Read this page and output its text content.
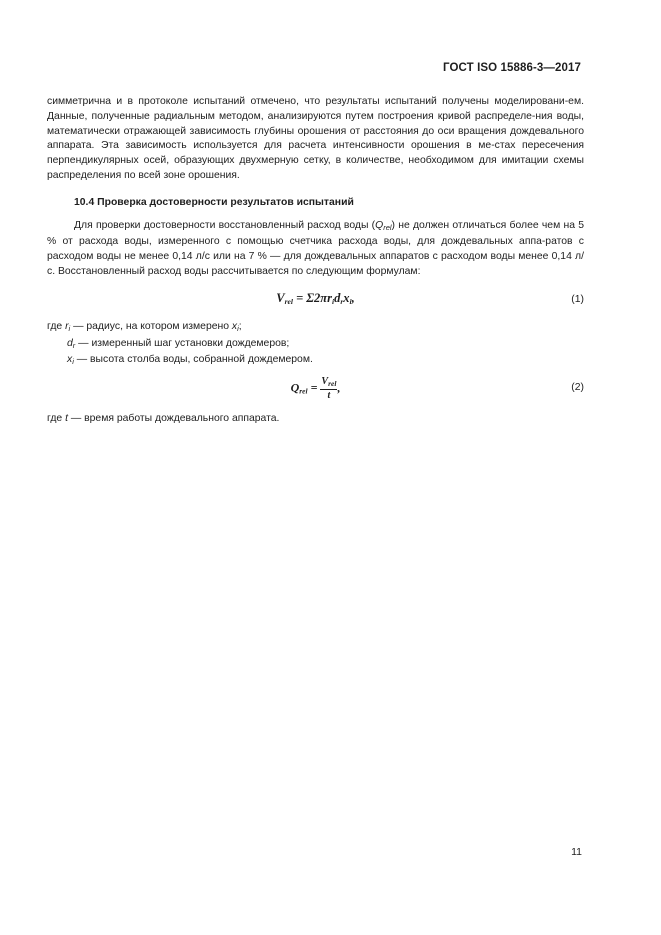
ГОСТ ISO 15886-3—2017

симметрична и в протоколе испытаний отмечено, что результаты испытаний получены моделировани-ем. Данные, полученные радиальным методом, анализируются путем построения кривой распределе-ния воды, математически отражающей зависимость глубины орошения от расстояния до оси вращения дождевального аппарата. Эта зависимость используется для расчета интенсивности орошения в ме-стах пересечения перпендикулярных осей, образующих двухмерную сетку, в количестве, необходимом для имитации схемы распределения по всей зоне орошения.

10.4 Проверка достоверности результатов испытаний

Для проверки достоверности восстановленный расход воды $(Q_{rel})$ не должен отличаться более чем на 5 % от расхода воды, измеренного с помощью счетчика расхода воды, для дождевальных аппа-ратов с расходом воды не менее 0,14 л/с или на 7 % — для дождевальных аппаратов с расходом воды менее 0,14 л/с. Восстановленный расход воды рассчитывается по следующим формулам:

$V_{rel} = \Sigma 2\pi r_id_rx_i$,	(1)

где $r_i$ — радиус, на котором измерено $x_i$;

$d_r$ — измеренный шаг установки дождемеров;

$x_i$ — высота столба воды, собранной дождемером.

$Q_{rel} = \frac{V_{rel}}{t}$ ,	(2)

где t — время работы дождевального аппарата.

11
